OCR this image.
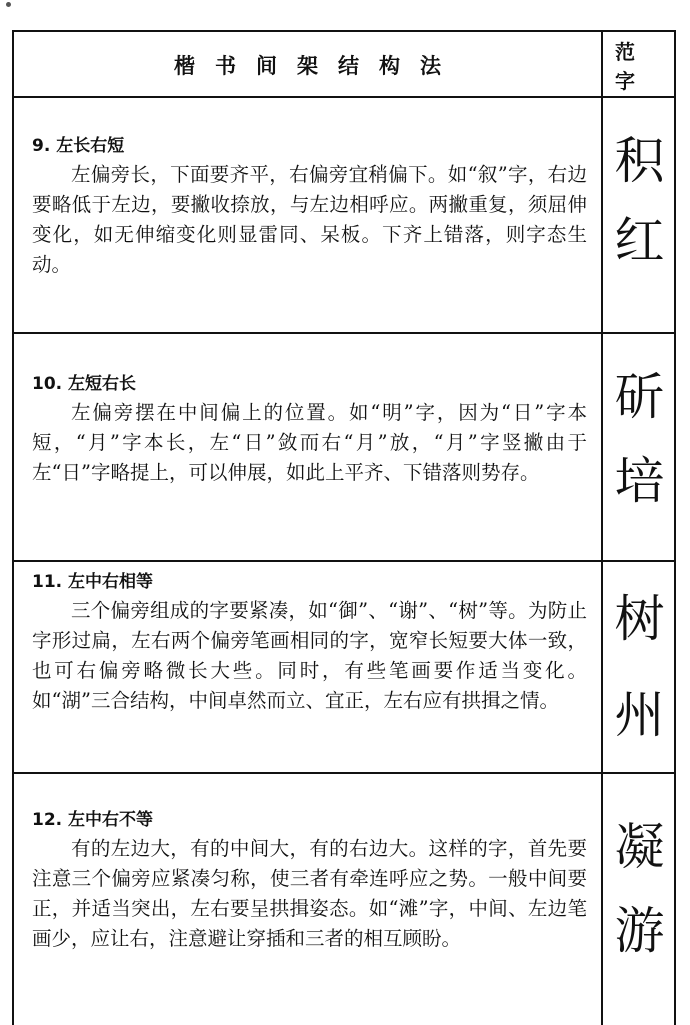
楷书间架结构法
范字

9. 左长右短

左偏旁长，下面要齐平，右偏旁宜稍偏下。如“叙”字，右边要略低于左边，要撇收捺放，与左边相呼应。两撇重复，须屈伸变化，如无伸缩变化则显雷同、呆板。下齐上错落，则字态生动。

积
红

10. 左短右长

左偏旁摆在中间偏上的位置。如“明”字，因为“日”字本短，“月”字本长，左“日”敛而右“月”放，“月”字竖撇由于左“日”字略提上，可以伸展，如此上平齐、下错落则势存。

斫
培

11. 左中右相等

三个偏旁组成的字要紧凑，如“御”、“谢”、“树”等。为防止字形过扁，左右两个偏旁笔画相同的字，宽窄长短要大体一致，也可右偏旁略微长大些。同时，有些笔画要作适当变化。如“湖”三合结构，中间卓然而立、宜正，左右应有拱揖之情。

树
州

12. 左中右不等

有的左边大，有的中间大，有的右边大。这样的字，首先要注意三个偏旁应紧凑匀称，使三者有牵连呼应之势。一般中间要正，并适当突出，左右要呈拱揖姿态。如“滩”字，中间、左边笔画少，应让右，注意避让穿插和三者的相互顾盼。

凝
游
